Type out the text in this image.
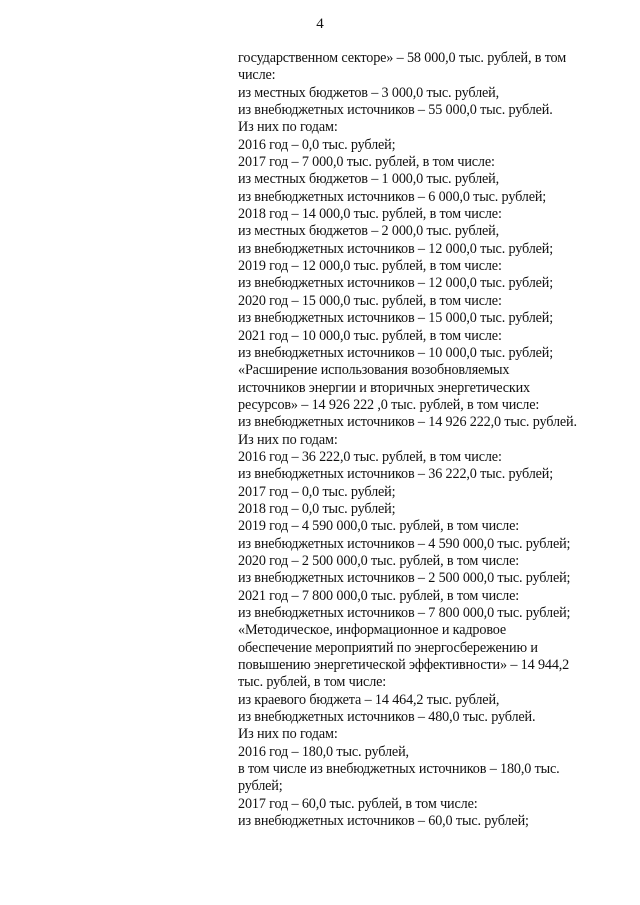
4
государственном секторе» – 58 000,0 тыс. рублей, в том
числе:
из местных бюджетов – 3 000,0 тыс. рублей,
из внебюджетных источников – 55 000,0 тыс. рублей.
Из них по годам:
2016 год – 0,0 тыс. рублей;
2017 год – 7 000,0 тыс. рублей, в том числе:
из местных бюджетов – 1 000,0 тыс. рублей,
из внебюджетных источников – 6 000,0 тыс. рублей;
2018 год – 14 000,0 тыс. рублей, в том числе:
из местных бюджетов – 2 000,0 тыс. рублей,
из внебюджетных источников – 12 000,0 тыс. рублей;
2019 год – 12 000,0 тыс. рублей, в том числе:
из внебюджетных источников – 12 000,0 тыс. рублей;
2020 год – 15 000,0 тыс. рублей, в том числе:
из внебюджетных источников – 15 000,0 тыс. рублей;
2021 год – 10 000,0 тыс. рублей, в том числе:
из внебюджетных источников – 10 000,0 тыс. рублей;
«Расширение использования возобновляемых
источников энергии и вторичных энергетических
ресурсов» – 14 926 222 ,0 тыс. рублей, в том числе:
из внебюджетных источников – 14 926 222,0 тыс. рублей.
Из них по годам:
2016 год – 36 222,0 тыс. рублей, в том числе:
из внебюджетных источников – 36 222,0 тыс. рублей;
2017 год – 0,0 тыс. рублей;
2018 год – 0,0 тыс. рублей;
2019 год – 4 590 000,0 тыс. рублей, в том числе:
из внебюджетных источников – 4 590 000,0 тыс. рублей;
2020 год – 2 500 000,0 тыс. рублей, в том числе:
из внебюджетных источников – 2 500 000,0 тыс. рублей;
2021 год – 7 800 000,0 тыс. рублей, в том числе:
из внебюджетных источников – 7 800 000,0 тыс. рублей;
«Методическое, информационное и кадровое
обеспечение мероприятий по энергосбережению и
повышению энергетической эффективности» – 14 944,2
тыс. рублей, в том числе:
из краевого бюджета – 14 464,2 тыс. рублей,
из внебюджетных источников – 480,0 тыс. рублей.
Из них по годам:
2016 год – 180,0 тыс. рублей,
в том числе из внебюджетных источников – 180,0 тыс.
рублей;
2017 год – 60,0 тыс. рублей, в том числе:
из внебюджетных источников – 60,0 тыс. рублей;
